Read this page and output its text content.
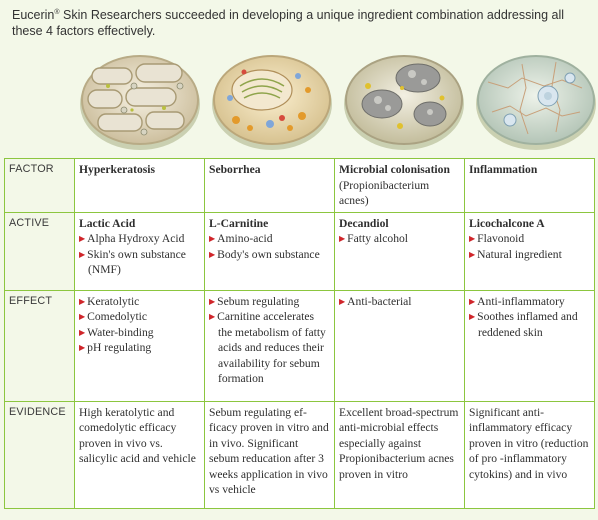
Eucerin® Skin Researchers succeeded in developing a unique ingredient combination addressing all these 4 factors effectively.
FACTOR	Hyperkeratosis	Seborrhea	Microbial colonisation
(Propionibacterium acnes)	Inflammation

ACTIVE	Lactic Acid
▶ Alpha Hydroxy Acid
▶ Skin's own substance (NMF)	L-Carnitine
▶ Amino-acid
▶ Body's own substance	Decandiol
▶ Fatty alcohol	Licochalcone A
▶ Flavonoid
▶ Natural ingredient

EFFECT	▶ Keratolytic
▶ Comedolytic
▶ Water-binding
▶ pH regulating	▶ Sebum regulating
▶ Carnitine accelerates the metabolism of fatty acids and reduces their availability for sebum formation	▶ Anti-bacterial	▶ Anti-inflammatory
▶ Soothes inflamed and reddened skin

EVIDENCE	High keratolytic and comedolytic efficacy proven in vivo vs. salicylic acid and vehicle	Sebum regulating efficacy proven in vitro and in vivo. Significant sebum reducation after 3 weeks application in vivo vs vehicle	Excellent broad-spectrum anti-microbial effects especially against Propionibacterium acnes proven in vitro	Significant anti-inflammatory efficacy proven in vitro (reduction of pro -inflammatory cytokins) and in vivo
